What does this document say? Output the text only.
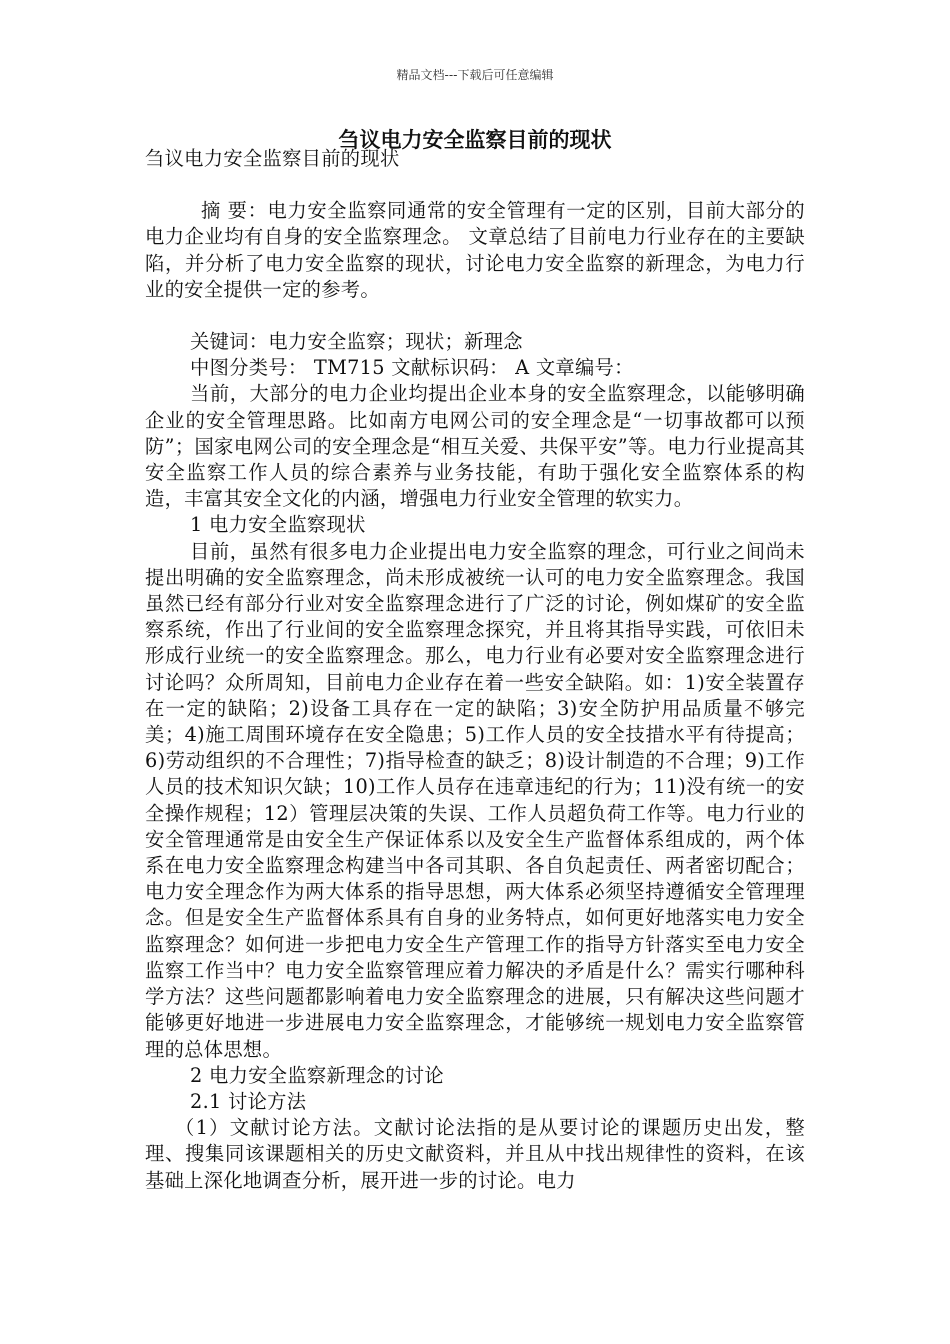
精品文档---下载后可任意编辑
刍议电力安全监察目前的现状

刍议电力安全监察目前的现状

摘 要：电力安全监察同通常的安全管理有一定的区别，目前大部分的电力企业均有自身的安全监察理念。 文章总结了目前电力行业存在的主要缺陷，并分析了电力安全监察的现状，讨论电力安全监察的新理念，为电力行业的安全提供一定的参考。

关键词：电力安全监察；现状；新理念

中图分类号： TM715 文献标识码： A 文章编号：

当前，大部分的电力企业均提出企业本身的安全监察理念，以能够明确企业的安全管理思路。比如南方电网公司的安全理念是“一切事故都可以预防”；国家电网公司的安全理念是“相互关爱、共保平安”等。电力行业提高其安全监察工作人员的综合素养与业务技能，有助于强化安全监察体系的构造，丰富其安全文化的内涵，增强电力行业安全管理的软实力。

1 电力安全监察现状

目前，虽然有很多电力企业提出电力安全监察的理念，可行业之间尚未提出明确的安全监察理念，尚未形成被统一认可的电力安全监察理念。我国虽然已经有部分行业对安全监察理念进行了广泛的讨论，例如煤矿的安全监察系统，作出了行业间的安全监察理念探究，并且将其指导实践，可依旧未形成行业统一的安全监察理念。那么，电力行业有必要对安全监察理念进行讨论吗？众所周知，目前电力企业存在着一些安全缺陷。如：1)安全装置存在一定的缺陷；2)设备工具存在一定的缺陷；3)安全防护用品质量不够完美；4)施工周围环境存在安全隐患；5)工作人员的安全技措水平有待提高；6)劳动组织的不合理性；7)指导检查的缺乏；8)设计制造的不合理；9)工作人员的技术知识欠缺；10)工作人员存在违章违纪的行为；11)没有统一的安全操作规程；12）管理层决策的失误、工作人员超负荷工作等。电力行业的安全管理通常是由安全生产保证体系以及安全生产监督体系组成的，两个体系在电力安全监察理念构建当中各司其职、各自负起责任、两者密切配合；电力安全理念作为两大体系的指导思想，两大体系必须坚持遵循安全管理理念。但是安全生产监督体系具有自身的业务特点，如何更好地落实电力安全监察理念？如何进一步把电力安全生产管理工作的指导方针落实至电力安全监察工作当中？电力安全监察管理应着力解决的矛盾是什么？需实行哪种科学方法？这些问题都影响着电力安全监察理念的进展，只有解决这些问题才能够更好地进一步进展电力安全监察理念，才能够统一规划电力安全监察管理的总体思想。

2 电力安全监察新理念的讨论

2.1 讨论方法

（1）文献讨论方法。文献讨论法指的是从要讨论的课题历史出发，整理、搜集同该课题相关的历史文献资料，并且从中找出规律性的资料，在该基础上深化地调查分析，展开进一步的讨论。电力
